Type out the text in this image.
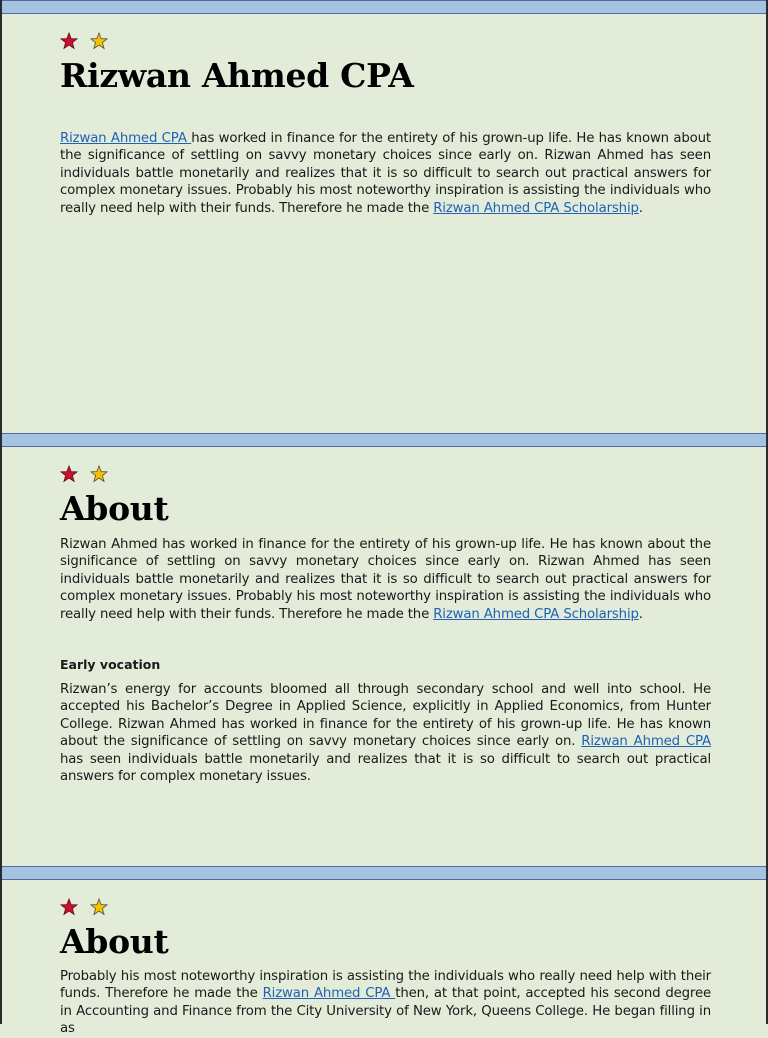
Rizwan Ahmed CPA

Rizwan Ahmed CPA has worked in finance for the entirety of his grown-up life. He has known about the significance of settling on savvy monetary choices since early on. Rizwan Ahmed has seen individuals battle monetarily and realizes that it is so difficult to search out practical answers for complex monetary issues. Probably his most noteworthy inspiration is assisting the individuals who really need help with their funds. Therefore he made the Rizwan Ahmed CPA Scholarship.

About

Rizwan Ahmed has worked in finance for the entirety of his grown-up life. He has known about the significance of settling on savvy monetary choices since early on. Rizwan Ahmed has seen individuals battle monetarily and realizes that it is so difficult to search out practical answers for complex monetary issues. Probably his most noteworthy inspiration is assisting the individuals who really need help with their funds. Therefore he made the Rizwan Ahmed CPA Scholarship.

Early vocation

Rizwan’s energy for accounts bloomed all through secondary school and well into school. He accepted his Bachelor’s Degree in Applied Science, explicitly in Applied Economics, from Hunter College. Rizwan Ahmed has worked in finance for the entirety of his grown-up life. He has known about the significance of settling on savvy monetary choices since early on. Rizwan Ahmed CPA has seen individuals battle monetarily and realizes that it is so difficult to search out practical answers for complex monetary issues.

About

Probably his most noteworthy inspiration is assisting the individuals who really need help with their funds. Therefore he made the Rizwan Ahmed CPA then, at that point, accepted his second degree in Accounting and Finance from the City University of New York, Queens College. He began filling in as
